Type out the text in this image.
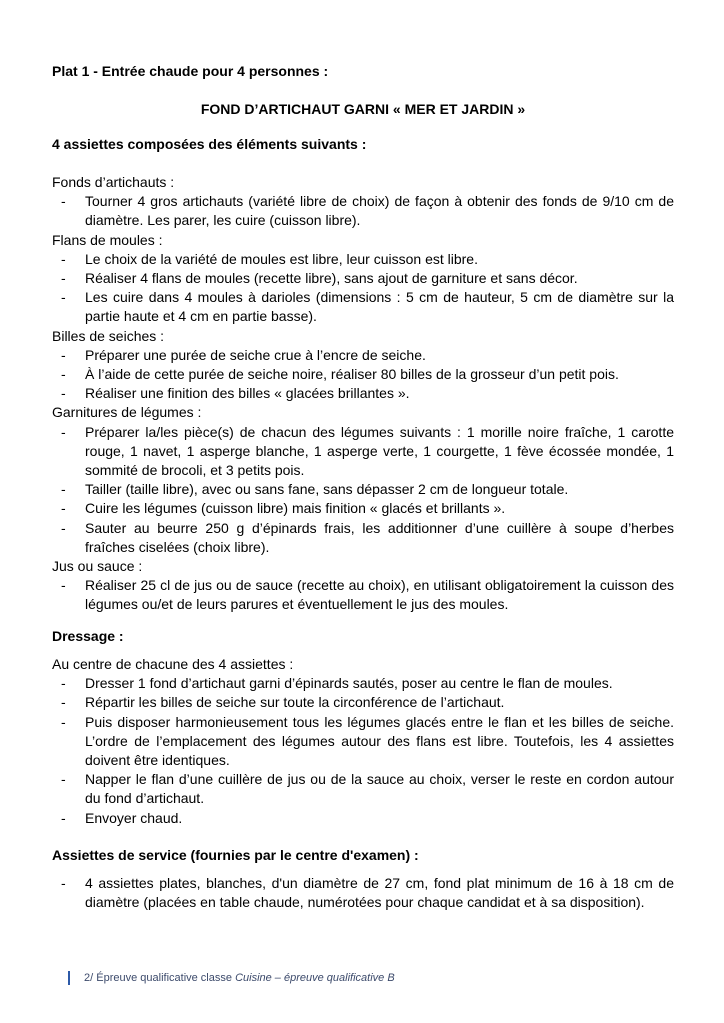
Plat 1 - Entrée chaude pour 4 personnes :
FOND D’ARTICHAUT GARNI « MER ET JARDIN »
4 assiettes composées des éléments suivants :

Fonds d’artichauts :

- Tourner 4 gros artichauts (variété libre de choix) de façon à obtenir des fonds de 9/10 cm de diamètre. Les parer, les cuire (cuisson libre).

Flans de moules :

- Le choix de la variété de moules est libre, leur cuisson est libre.
- Réaliser 4 flans de moules (recette libre), sans ajout de garniture et sans décor.
- Les cuire dans 4 moules à darioles (dimensions : 5 cm de hauteur, 5 cm de diamètre sur la partie haute et 4 cm en partie basse).

Billes de seiches :

- Préparer une purée de seiche crue à l’encre de seiche.
- À l’aide de cette purée de seiche noire, réaliser 80 billes de la grosseur d’un petit pois.
- Réaliser une finition des billes « glacées brillantes ».

Garnitures de légumes :

- Préparer la/les pièce(s) de chacun des légumes suivants : 1 morille noire fraîche, 1 carotte rouge, 1 navet, 1 asperge blanche, 1 asperge verte, 1 courgette, 1 fève écossée mondée, 1 sommité de brocoli, et 3 petits pois.
- Tailler (taille libre), avec ou sans fane, sans dépasser 2 cm de longueur totale.
- Cuire les légumes (cuisson libre) mais finition « glacés et brillants ».
- Sauter au beurre 250 g d’épinards frais, les additionner d’une cuillère à soupe d’herbes fraîches ciselées (choix libre).

Jus ou sauce :

- Réaliser 25 cl de jus ou de sauce (recette au choix), en utilisant obligatoirement la cuisson des légumes ou/et de leurs parures et éventuellement le jus des moules.
Dressage :

Au centre de chacune des 4 assiettes :

- Dresser 1 fond d’artichaut garni d’épinards sautés, poser au centre le flan de moules.
- Répartir les billes de seiche sur toute la circonférence de l’artichaut.
- Puis disposer harmonieusement tous les légumes glacés entre le flan et les billes de seiche. L’ordre de l’emplacement des légumes autour des flans est libre. Toutefois, les 4 assiettes doivent être identiques.
- Napper le flan d’une cuillère de jus ou de la sauce au choix, verser le reste en cordon autour du fond d’artichaut.
- Envoyer chaud.
Assiettes de service (fournies par le centre d'examen) :
- 4 assiettes plates, blanches, d'un diamètre de 27 cm, fond plat minimum de 16 à 18 cm de diamètre (placées en table chaude, numérotées pour chaque candidat et à sa disposition).
2/
Épreuve qualificative classe
Cuisine – épreuve qualificative B
